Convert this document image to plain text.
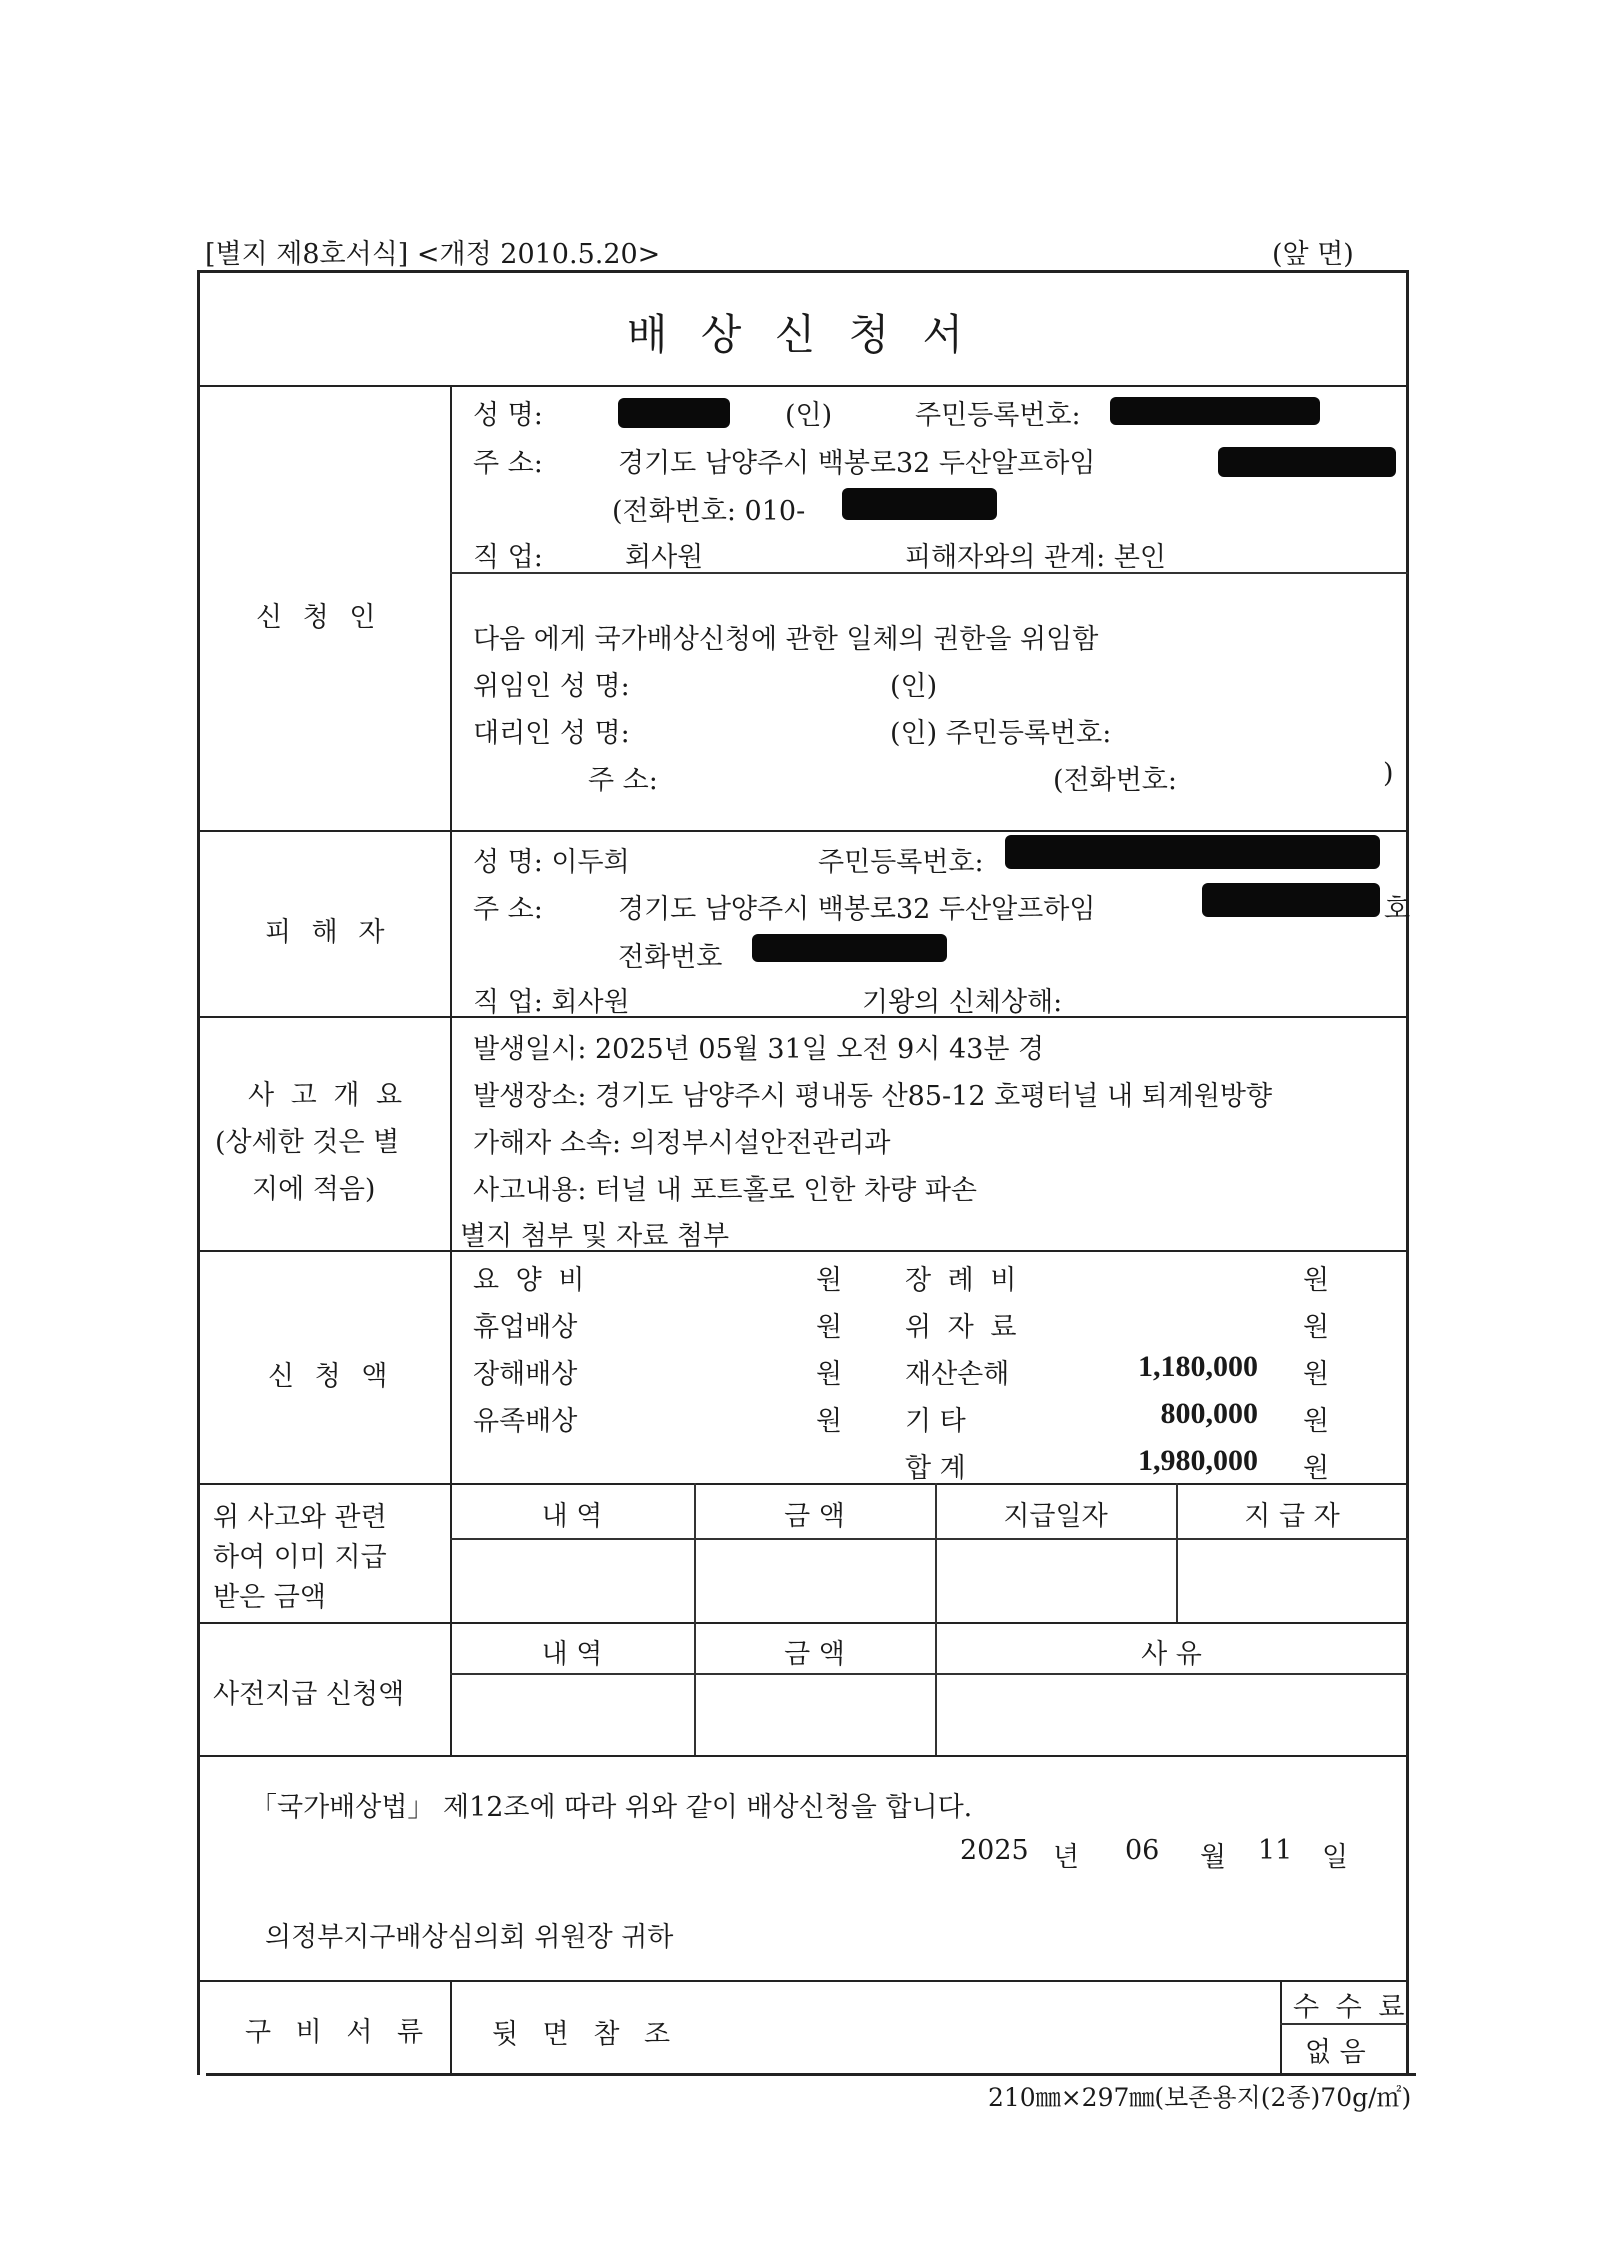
[별지 제8호서식] <개정 2010.5.20>	(앞 면)
배 상 신 청 서
신 청 인
성 명:	(인)	주민등록번호:
주 소:	경기도 남양주시 백봉로32 두산알프하임
(전화번호: 010-
직 업:	회사원	피해자와의 관계: 본인
다음 에게 국가배상신청에 관한 일체의 권한을 위임함
위임인 성 명:	(인)
대리인 성 명:	(인) 주민등록번호:
주 소:	(전화번호:	)
피 해 자
성 명: 이두희	주민등록번호:
주 소:	경기도 남양주시 백봉로32 두산알프하임	호
전화번호
직 업: 회사원	기왕의 신체상해:
사 고 개 요
(상세한 것은 별
지에 적음)
발생일시: 2025년 05월 31일 오전 9시 43분 경
발생장소: 경기도 남양주시 평내동 산85-12 호평터널 내 퇴계원방향
가해자 소속: 의정부시설안전관리과
사고내용: 터널 내 포트홀로 인한 차량 파손
별지 첨부 및 자료 첨부
신 청 액
요 양 비	원 장 례 비	원
휴업배상	원 위 자 료	원
장해배상	원 재산손해	1,180,000 원
유족배상	원 기 타	800,000 원
합 계	1,980,000 원
위 사고와 관련
하여 이미 지급
받은 금액
내 역	금 액	지급일자	지 급 자
사전지급 신청액
내 역	금 액	사 유
「국가배상법」 제12조에 따라 위와 같이 배상신청을 합니다.
2025 년 06 월 11 일
의정부지구배상심의회 위원장 귀하
구 비 서 류 뒷 면 참 조
수 수 료
없 음
210㎜×297㎜(보존용지(2종)70g/㎡)
